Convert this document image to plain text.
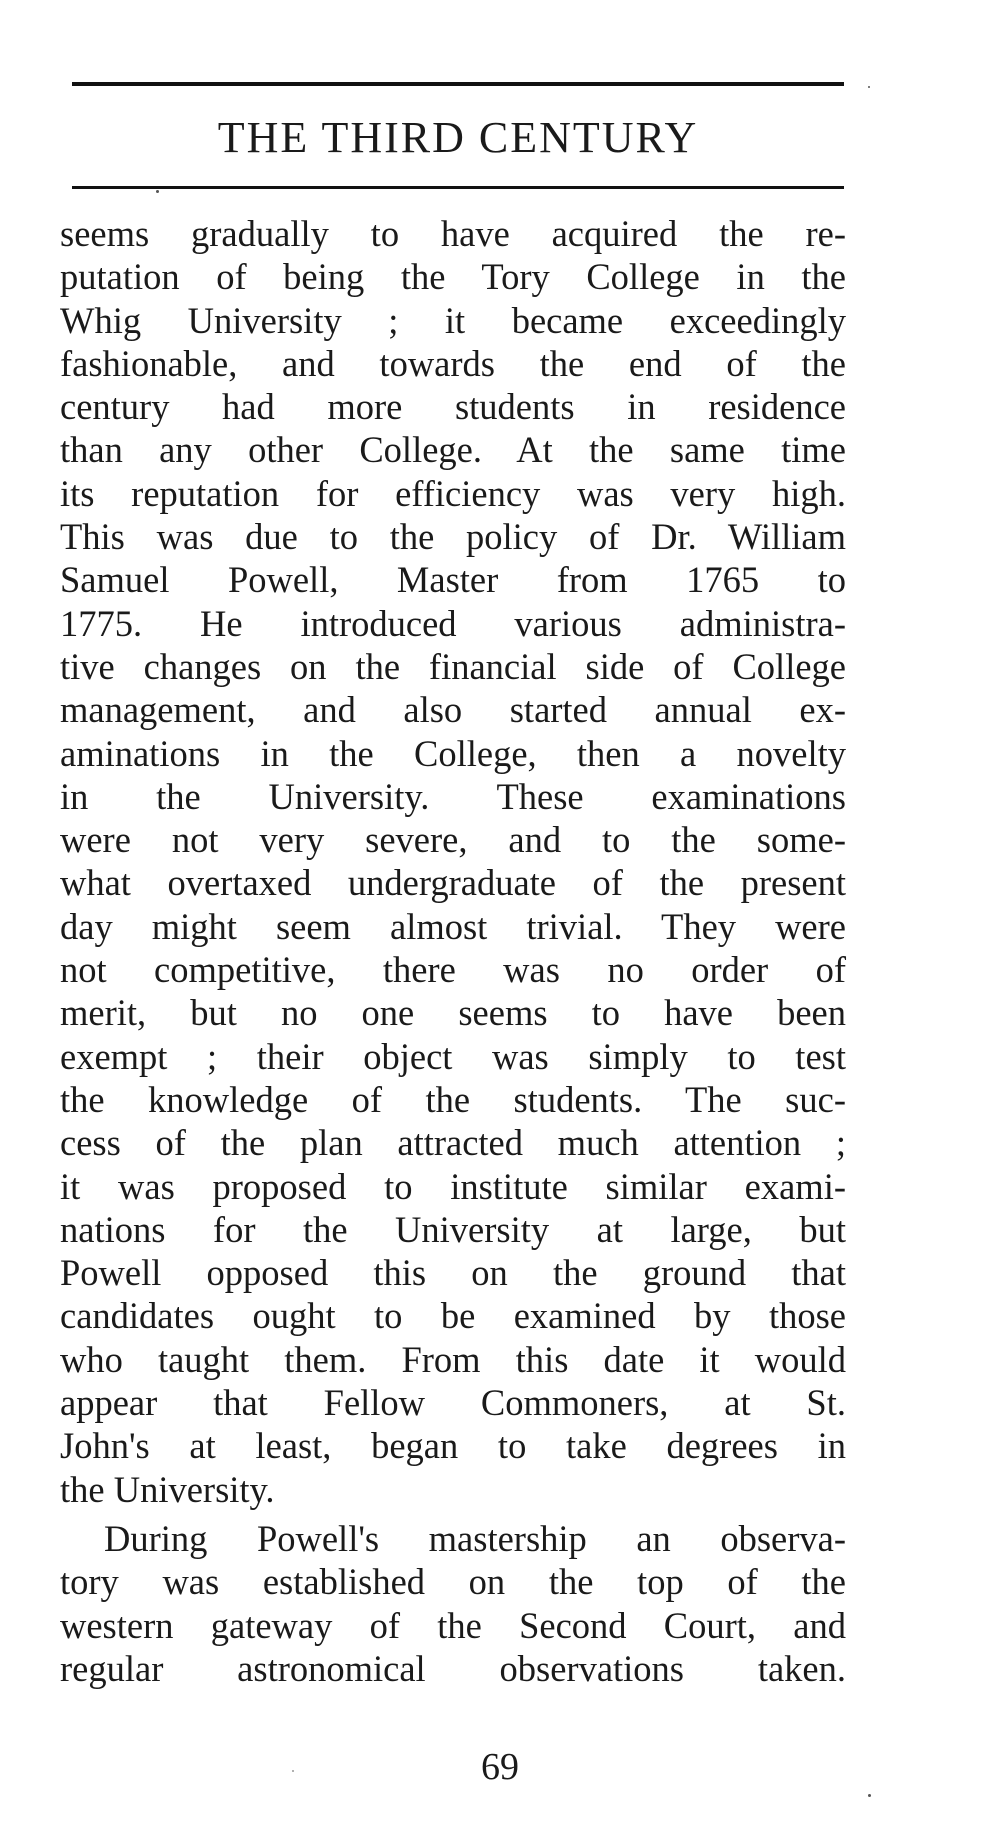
THE THIRD CENTURY
seems gradually to have acquired the re-
putation of being the Tory College in the
Whig University ; it became exceedingly
fashionable, and towards the end of the
century had more students in residence
than any other College. At the same time
its reputation for efficiency was very high.
This was due to the policy of Dr. William
Samuel Powell, Master from 1765 to
1775. He introduced various administra-
tive changes on the financial side of College
management, and also started annual ex-
aminations in the College, then a novelty
in the University. These examinations
were not very severe, and to the some-
what overtaxed undergraduate of the present
day might seem almost trivial. They were
not competitive, there was no order of
merit, but no one seems to have been
exempt ; their object was simply to test
the knowledge of the students. The suc-
cess of the plan attracted much attention ;
it was proposed to institute similar exami-
nations for the University at large, but
Powell opposed this on the ground that
candidates ought to be examined by those
who taught them. From this date it would
appear that Fellow Commoners, at St.
John's at least, began to take degrees in
the University.
During Powell's mastership an observa-
tory was established on the top of the
western gateway of the Second Court, and
regular astronomical observations taken.
69
